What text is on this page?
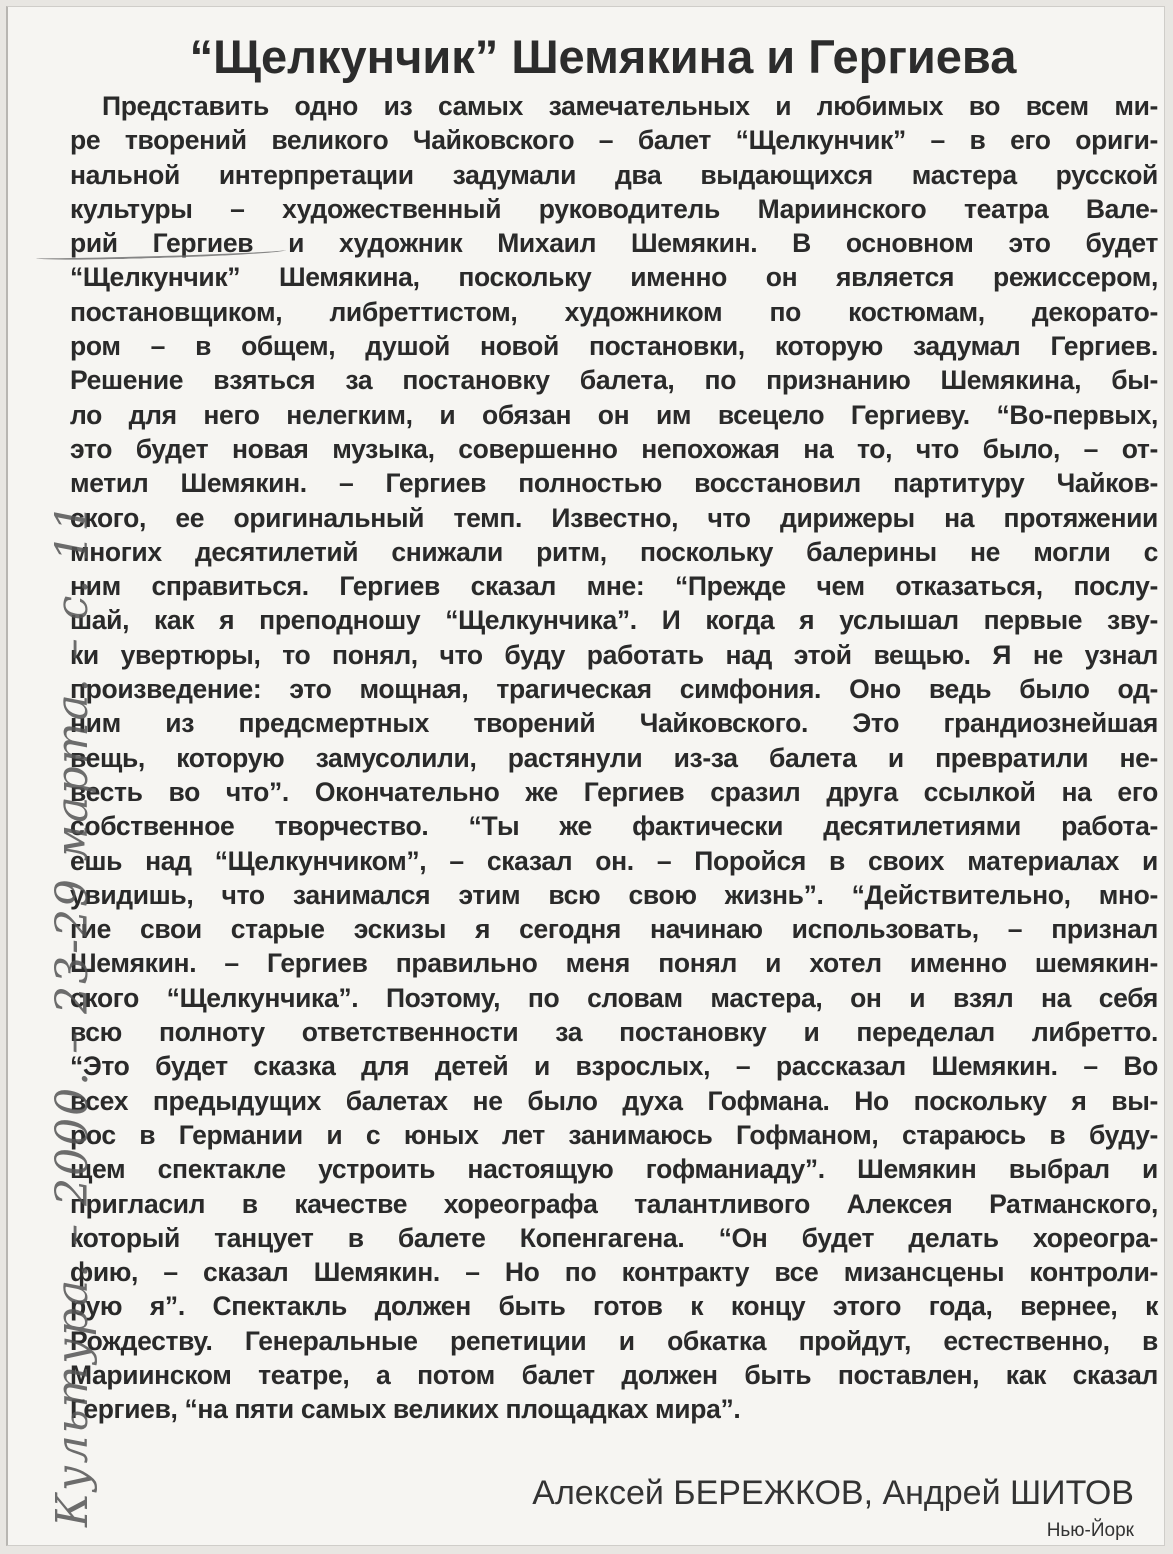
“Щелкунчик” Шемякина и Гергиева
Представить одно из самых замечательных и любимых во всем ми-
ре творений великого Чайковского – балет “Щелкунчик” – в его ориги-
нальной интерпретации задумали два выдающихся мастера русской
культуры – художественный руководитель Мариинского театра Вале-
рий Гергиев и художник Михаил Шемякин. В основном это будет
“Щелкунчик” Шемякина, поскольку именно он является режиссером,
постановщиком, либреттистом, художником по костюмам, декорато-
ром – в общем, душой новой постановки, которую задумал Гергиев.
Решение взяться за постановку балета, по признанию Шемякина, бы-
ло для него нелегким, и обязан он им всецело Гергиеву. “Во-первых,
это будет новая музыка, совершенно непохожая на то, что было, – от-
метил Шемякин. – Гергиев полностью восстановил партитуру Чайков-
ского, ее оригинальный темп. Известно, что дирижеры на протяжении
многих десятилетий снижали ритм, поскольку балерины не могли с
ним справиться. Гергиев сказал мне: “Прежде чем отказаться, послу-
шай, как я преподношу “Щелкунчика”. И когда я услышал первые зву-
ки увертюры, то понял, что буду работать над этой вещью. Я не узнал
произведение: это мощная, трагическая симфония. Оно ведь было од-
ним из предсмертных творений Чайковского. Это грандиознейшая
вещь, которую замусолили, растянули из-за балета и превратили не-
весть во что”. Окончательно же Гергиев сразил друга ссылкой на его
собственное творчество. “Ты же фактически десятилетиями работа-
ешь над “Щелкунчиком”, – сказал он. – Поройся в своих материалах и
увидишь, что занимался этим всю свою жизнь”. “Действительно, мно-
гие свои старые эскизы я сегодня начинаю использовать, – признал
Шемякин. – Гергиев правильно меня понял и хотел именно шемякин-
ского “Щелкунчика”. Поэтому, по словам мастера, он и взял на себя
всю полноту ответственности за постановку и переделал либретто.
“Это будет сказка для детей и взрослых, – рассказал Шемякин. – Во
всех предыдущих балетах не было духа Гофмана. Но поскольку я вы-
рос в Германии и с юных лет занимаюсь Гофманом, стараюсь в буду-
щем спектакле устроить настоящую гофманиаду”. Шемякин выбрал и
пригласил в качестве хореографа талантливого Алексея Ратманского,
который танцует в балете Копенгагена. “Он будет делать хореогра-
фию, – сказал Шемякин. – Но по контракту все мизансцены контроли-
рую я”. Спектакль должен быть готов к концу этого года, вернее, к
Рождеству. Генеральные репетиции и обкатка пройдут, естественно, в
Мариинском театре, а потом балет должен быть поставлен, как сказал
Гергиев, “на пяти самых великих площадках мира”.
Культура. – 2000. – 23-29 марта. – с. 11	Алексей БЕРЕЖКОВ, Андрей ШИТОВ
Нью-Йорк
